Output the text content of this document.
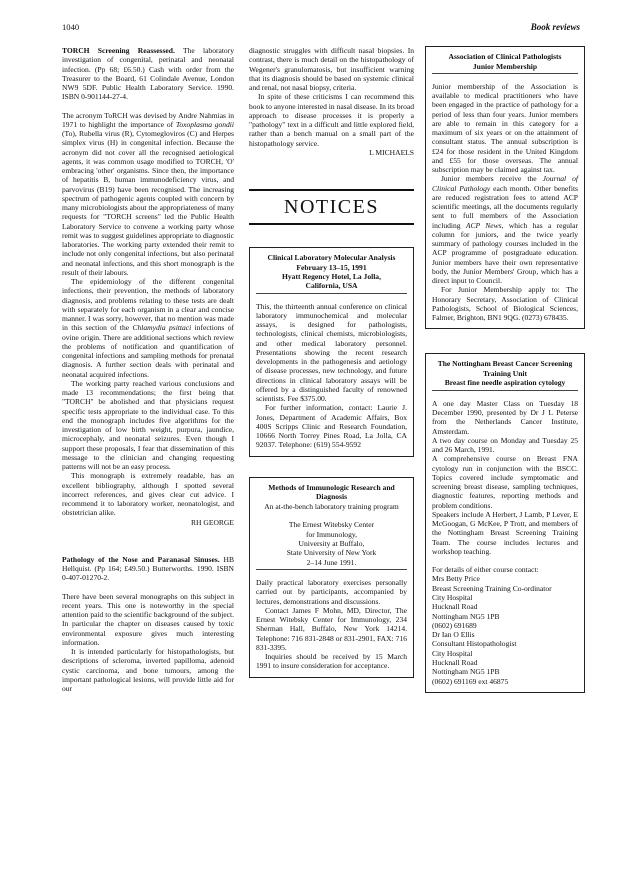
1040	Book reviews

TORCH Screening Reassessed. The laboratory investigation of congenital, perinatal and neonatal infection. (Pp 68; £6.50.) Cash with order from the Treasurer to the Board, 61 Colindale Avenue, London NW9 5DF. Public Health Laboratory Service. 1990. ISBN 0-901144-27-4.

The acronym ToRCH was devised by Andre Nahmias in 1971 to highlight the importance of Toxoplasma gondii (To), Rubella virus (R), Cytomegloviros (C) and Herpes simplex virus (H) in congenital infection. Because the acronym did not cover all the recognised aetiological agents, it was common usage modified to TORCH, 'O' embracing 'other' organisms. Since then, the importance of hepatitis B, human immunodeficiency virus, and parvovirus (B19) have been recognised. The increasing spectrum of pathogenic agents coupled with concern by many microbiologists about the appropriateness of many requests for "TORCH screens" led the Public Health Laboratory Service to convene a working party whose remit was to suggest guidelines appropriate to diagnostic laboratories. The working party extended their remit to include not only congenital infections, but also perinatal and neonatal infections, and this short monograph is the result of their labours.

The epidemiology of the different congenital infections, their prevention, the methods of laboratory diagnosis, and problems relating to these tests are dealt with separately for each organism in a clear and concise manner. I was sorry, however, that no mention was made in this section of the Chlamydia psittaci infections of ovine origin. There are additional sections which review the problems of notification and quantification of congenital infections and sampling methods for prenatal diagnosis. A further section deals with perinatal and neonatal acquired infections.

The working party reached various conclusions and made 13 recommendations; the first being that "TORCH" be abolished and that physicians request specific tests appropriate to the individual case. To this end the monograph includes five algorithms for the investigation of low birth weight, purpura, jaundice, microcephaly, and neonatal seizures. Even though I support these proposals, I fear that dissemination of this message to the clinician and changing requesting patterns will not be an easy process.

This monograph is extremely readable, has an excellent bibliography, although I spotted several incorrect references, and gives clear cut advice. I recommend it to laboratory worker, neonatologist, and obstetrician alike.

RH GEORGE

Pathology of the Nose and Paranasal Sinuses. HB Hellquist. (Pp 164; £49.50.) Butterworths. 1990. ISBN 0-407-01270-2.

There have been several monographs on this subject in recent years. This one is noteworthy in the special attention paid to the scientific background of the subject. In particular the chapter on diseases caused by toxic environmental exposure gives much interesting information.

It is intended particularly for histopathologists, but descriptions of scleroma, inverted papilloma, adenoid cystic carcinoma, and bone tumours, among the important pathological lesions, will provide little aid for our

diagnostic struggles with difficult nasal biopsies. In contrast, there is much detail on the histopathology of Wegener's granulomatosis, but insufficient warning that its diagnosis should be based on systemic clinical and renal, not nasal biopsy, criteria.

In spite of these criticisms I can recommend this book to anyone interested in nasal disease. In its broad approach to disease processes it is properly a "pathology" text in a difficult and little explored field, rather than a bench manual on a small part of the histopathology service.

L MICHAELS

NOTICES

Clinical Laboratory Molecular Analysis

February 13–15, 1991

Hyatt Regency Hotel, La Jolla,

California, USA

This, the thirteenth annual conference on clinical laboratory immunochemical and molecular assays, is designed for pathologists, technologists, clinical chemists, microbiologists, and other medical laboratory personnel. Presentations showing the recent research developments in the pathogenesis and aetiology of disease processes, new technology, and future directions in clinical laboratory assays will be offered by a distinguished faculty of renowned scientists. Fee $375.00.

For further information, contact: Laurie J. Jones, Department of Academic Affairs, Box 400S Scripps Clinic and Research Foundation, 10666 North Torrey Pines Road, La Jolla, CA 92037. Telephone: (619) 554-9592

Methods of Immunologic Research and Diagnosis

An at-the-bench laboratory training program

The Ernest Witebsky Center

for Immunology,

University at Buffalo,

State University of New York

2–14 June 1991.

Daily practical laboratory exercises personally carried out by participants, accompanied by lectures, demonstrations and discussions.

Contact James F Mohn, MD, Director, The Ernest Witebsky Center for Immunology, 234 Sherman Hall, Buffalo, New York 14214. Telephone: 716 831-2848 or 831-2901, FAX: 716 831-3395.

Inquiries should be received by 15 March 1991 to insure consideration for acceptance.

Association of Clinical Pathologists

Junior Membership

Junior membership of the Association is available to medical practitioners who have been engaged in the practice of pathology for a period of less than four years. Junior members are able to remain in this category for a maximum of six years or on the attainment of consultant status. The annual subscription is £24 for those resident in the United Kingdom and £55 for those overseas. The annual subscription may be claimed against tax.

Junior members receive the Journal of Clinical Pathology each month. Other benefits are reduced registration fees to attend ACP scientific meetings, all the documents regularly sent to full members of the Association including ACP News, which has a regular column for juniors, and the twice yearly summary of pathology courses included in the ACP programme of postgraduate education. Junior members have their own representative body, the Junior Members' Group, which has a direct input to Council.

For Junior Membership apply to: The Honorary Secretary, Association of Clinical Pathologists, School of Biological Sciences, Falmer, Brighton, BN1 9QG. (0273) 678435.

The Nottingham Breast Cancer Screening Training Unit

Breast fine needle aspiration cytology

A one day Master Class on Tuesday 18 December 1990, presented by Dr J L Peterse from the Netherlands Cancer Institute, Amsterdam.

A two day course on Monday and Tuesday 25 and 26 March, 1991.

A comprehensive course on Breast FNA cytology run in conjunction with the BSCC. Topics covered include symptomatic and screening breast disease, sampling techniques, diagnostic features, reporting methods and problem conditions.

Speakers include A Herbert, J Lamb, P Lever, E McGoogan, G McKee, P Trott, and members of the Nottingham Breast Screening Training Team. The course includes lectures and workshop teaching.

For details of either course contact:

Mrs Betty Price

Breast Screening Training Co-ordinator

City Hospital

Hucknall Road

Nottingham NG5 1PB

(0602) 691689

Dr Ian O Ellis

Consultant Histopathologist

City Hospital

Hucknall Road

Nottingham NG5 1PB

(0602) 691169 ext 46875
